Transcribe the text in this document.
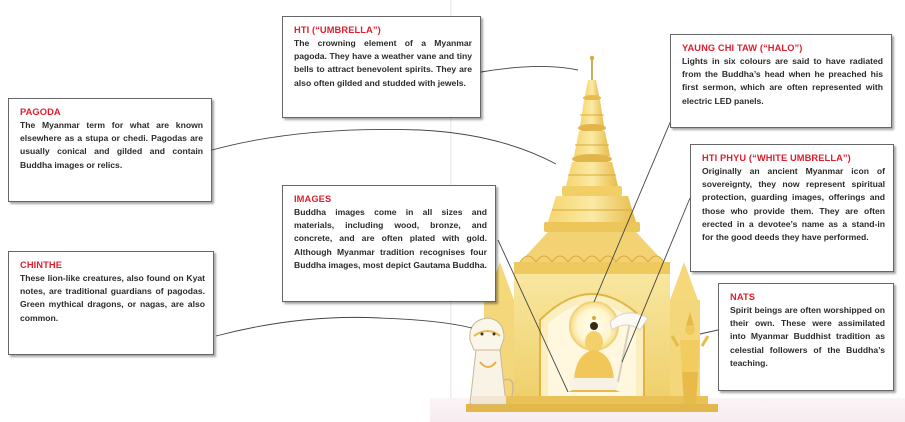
HTI (“UMBRELLA”)
The crowning element of a Myanmar pagoda. They have a weather vane and tiny bells to attract benevolent spirits. They are also often gilded and studded with jewels.
PAGODA
The Myanmar term for what are known elsewhere as a stupa or chedi. Pagodas are usually conical and gilded and contain Buddha images or relics.
IMAGES
Buddha images come in all sizes and materials, including wood, bronze, and concrete, and are often plated with gold. Although Myanmar tradition recognises four Buddha images, most depict Gautama Buddha.
CHINTHE
These lion-like creatures, also found on Kyat notes, are traditional guardians of pagodas. Green mythical dragons, or nagas, are also common.
YAUNG CHI TAW (“HALO”)
Lights in six colours are said to have radiated from the Buddha’s head when he preached his first sermon, which are often represented with electric LED panels.
HTI PHYU (“WHITE UMBRELLA”)
Originally an ancient Myanmar icon of sovereignty, they now represent spiritual protection, guarding images, offerings and those who provide them. They are often erected in a devotee’s name as a stand-in for the good deeds they have performed.
NATS
Spirit beings are often worshipped on their own. These were assimilated into Myanmar Buddhist tradition as celestial followers of the Buddha’s teaching.
